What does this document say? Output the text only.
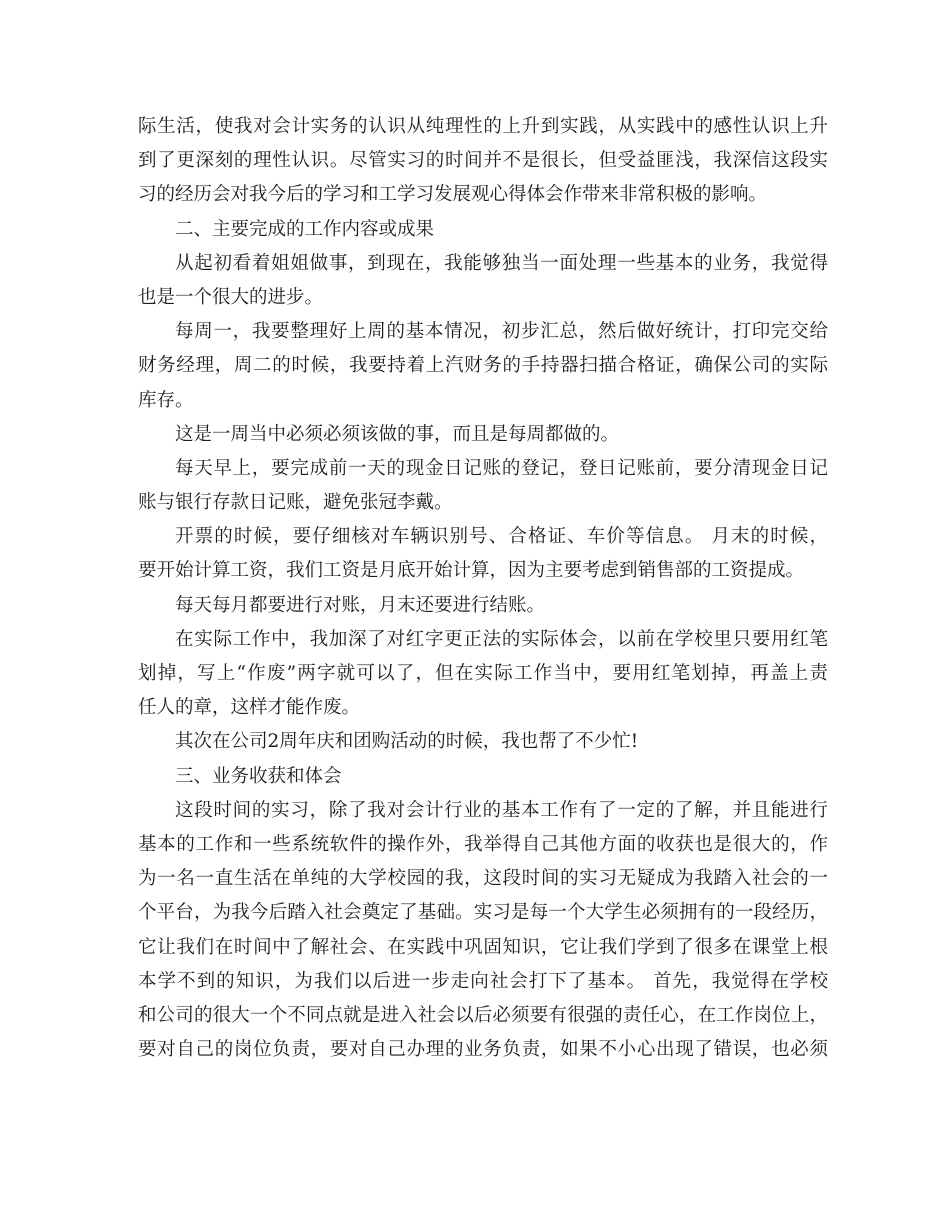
际生活，使我对会计实务的认识从纯理性的上升到实践，从实践中的感性认识上升
到了更深刻的理性认识。尽管实习的时间并不是很长，但受益匪浅，我深信这段实
习的经历会对我今后的学习和工学习发展观心得体会作带来非常积极的影响。
二、主要完成的工作内容或成果
从起初看着姐姐做事，到现在，我能够独当一面处理一些基本的业务，我觉得
也是一个很大的进步。
每周一，我要整理好上周的基本情况，初步汇总，然后做好统计，打印完交给
财务经理，周二的时候，我要持着上汽财务的手持器扫描合格证，确保公司的实际
库存。
这是一周当中必须必须该做的事，而且是每周都做的。
每天早上，要完成前一天的现金日记账的登记，登日记账前，要分清现金日记
账与银行存款日记账，避免张冠李戴。
开票的时候，要仔细核对车辆识别号、合格证、车价等信息。 月末的时候，
要开始计算工资，我们工资是月底开始计算，因为主要考虑到销售部的工资提成。
每天每月都要进行对账，月末还要进行结账。
在实际工作中，我加深了对红字更正法的实际体会，以前在学校里只要用红笔
划掉，写上“作废”两字就可以了，但在实际工作当中，要用红笔划掉，再盖上责
任人的章，这样才能作废。
其次在公司2周年庆和团购活动的时候，我也帮了不少忙!
三、业务收获和体会
这段时间的实习，除了我对会计行业的基本工作有了一定的了解，并且能进行
基本的工作和一些系统软件的操作外，我举得自己其他方面的收获也是很大的，作
为一名一直生活在单纯的大学校园的我，这段时间的实习无疑成为我踏入社会的一
个平台，为我今后踏入社会奠定了基础。实习是每一个大学生必须拥有的一段经历，
它让我们在时间中了解社会、在实践中巩固知识，它让我们学到了很多在课堂上根
本学不到的知识，为我们以后进一步走向社会打下了基本。 首先，我觉得在学校
和公司的很大一个不同点就是进入社会以后必须要有很强的责任心，在工作岗位上，
要对自己的岗位负责，要对自己办理的业务负责，如果不小心出现了错误，也必须
